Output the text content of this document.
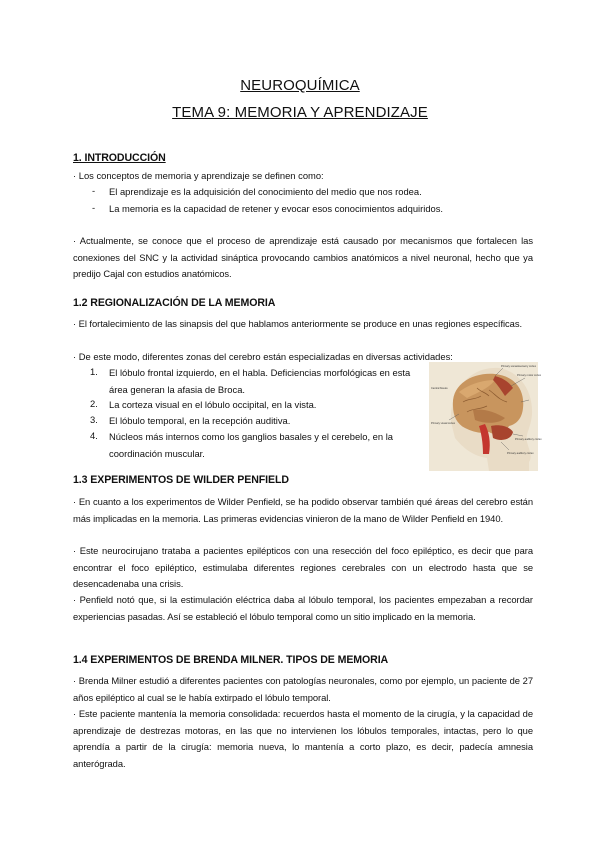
NEUROQUÍMICA
TEMA 9: MEMORIA Y APRENDIZAJE
1. INTRODUCCIÓN
· Los conceptos de memoria y aprendizaje se definen como:
- El aprendizaje es la adquisición del conocimiento del medio que nos rodea.
- La memoria es la capacidad de retener y evocar esos conocimientos adquiridos.
· Actualmente, se conoce que el proceso de aprendizaje está causado por mecanismos que fortalecen las conexiones del SNC y la actividad sináptica provocando cambios anatómicos a nivel neuronal, hecho que ya predijo Cajal con estudios anatómicos.
1.2 REGIONALIZACIÓN DE LA MEMORIA
· El fortalecimiento de las sinapsis del que hablamos anteriormente se produce en unas regiones específicas.
· De este modo, diferentes zonas del cerebro están especializadas en diversas actividades:
1. El lóbulo frontal izquierdo, en el habla. Deficiencias morfológicas en esta área generan la afasia de Broca.
2. La corteza visual en el lóbulo occipital, en la vista.
3. El lóbulo temporal, en la recepción auditiva.
4. Núcleos más internos como los ganglios basales y el cerebelo, en la coordinación muscular.
Primary somatosensory cortex
Primary motor cortex
Central fissure
Primary visual cortex
Primary auditory cortex
Primary auditory cortex
1.3 EXPERIMENTOS DE WILDER PENFIELD
· En cuanto a los experimentos de Wilder Penfield, se ha podido observar también qué áreas del cerebro están más implicadas en la memoria. Las primeras evidencias vinieron de la mano de Wilder Penfield en 1940.
· Este neurocirujano trataba a pacientes epilépticos con una resección del foco epiléptico, es decir que para encontrar el foco epiléptico, estimulaba diferentes regiones cerebrales con un electrodo hasta que se desencadenaba una crisis.
· Penfield notó que, si la estimulación eléctrica daba al lóbulo temporal, los pacientes empezaban a recordar experiencias pasadas. Así se estableció el lóbulo temporal como un sitio implicado en la memoria.
1.4 EXPERIMENTOS DE BRENDA MILNER. TIPOS DE MEMORIA
· Brenda Milner estudió a diferentes pacientes con patologías neuronales, como por ejemplo, un paciente de 27 años epiléptico al cual se le había extirpado el lóbulo temporal.
· Este paciente mantenía la memoria consolidada: recuerdos hasta el momento de la cirugía, y la capacidad de aprendizaje de destrezas motoras, en las que no intervienen los lóbulos temporales, intactas, pero lo que aprendía a partir de la cirugía: memoria nueva, lo mantenía a corto plazo, es decir, padecía amnesia anterógrada.
